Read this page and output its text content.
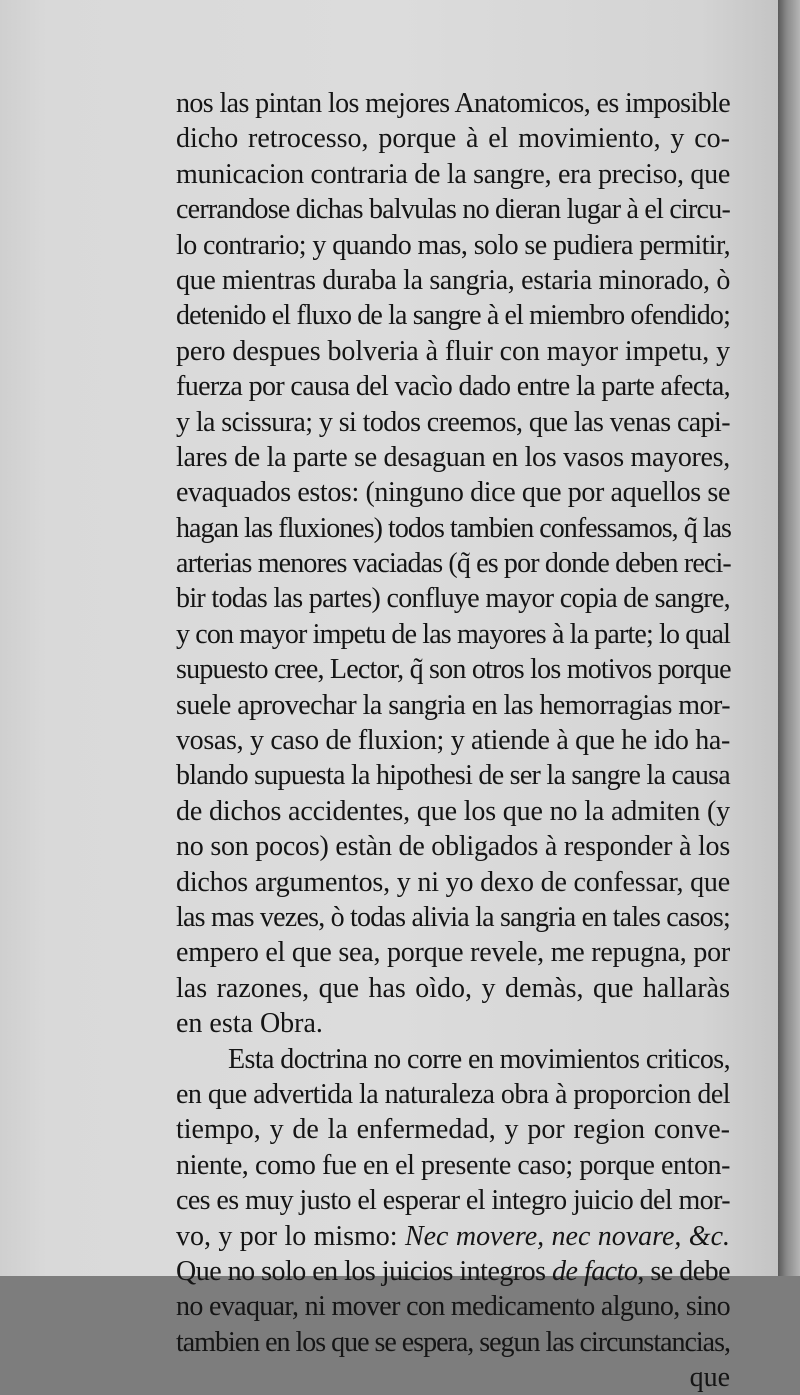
nos las pintan los mejores Anatomicos, es imposible
dicho retrocesso, porque à el movimiento, y co-
municacion contraria de la sangre, era preciso, que
cerrandose dichas balvulas no dieran lugar à el circu-
lo contrario; y quando mas, solo se pudiera permitir,
que mientras duraba la sangria, estaria minorado, ò
detenido el fluxo de la sangre à el miembro ofendido;
pero despues bolveria à fluir con mayor impetu, y
fuerza por causa del vacìo dado entre la parte afecta,
y la scissura; y si todos creemos, que las venas capi-
lares de la parte se desaguan en los vasos mayores,
evaquados estos: (ninguno dice que por aquellos se
hagan las fluxiones) todos tambien confessamos, q̃ las
arterias menores vaciadas (q̃ es por donde deben reci-
bir todas las partes) confluye mayor copia de sangre,
y con mayor impetu de las mayores à la parte; lo qual
supuesto cree, Lector, q̃ son otros los motivos porque
suele aprovechar la sangria en las hemorragias mor-
vosas, y caso de fluxion; y atiende à que he ido ha-
blando supuesta la hipothesi de ser la sangre la causa
de dichos accidentes, que los que no la admiten (y
no son pocos) estàn de obligados à responder à los
dichos argumentos, y ni yo dexo de confessar, que
las mas vezes, ò todas alivia la sangria en tales casos;
empero el que sea, porque revele, me repugna, por
las razones, que has oìdo, y demàs, que hallaràs
en esta Obra.
Esta doctrina no corre en movimientos criticos,
en que advertida la naturaleza obra à proporcion del
tiempo, y de la enfermedad, y por region conve-
niente, como fue en el presente caso; porque enton-
ces es muy justo el esperar el integro juicio del mor-
vo, y por lo mismo: Nec movere, nec novare, &c.
Que no solo en los juicios integros de facto, se debe
no evaquar, ni mover con medicamento alguno, sino
tambien en los que se espera, segun las circunstancias,
que
